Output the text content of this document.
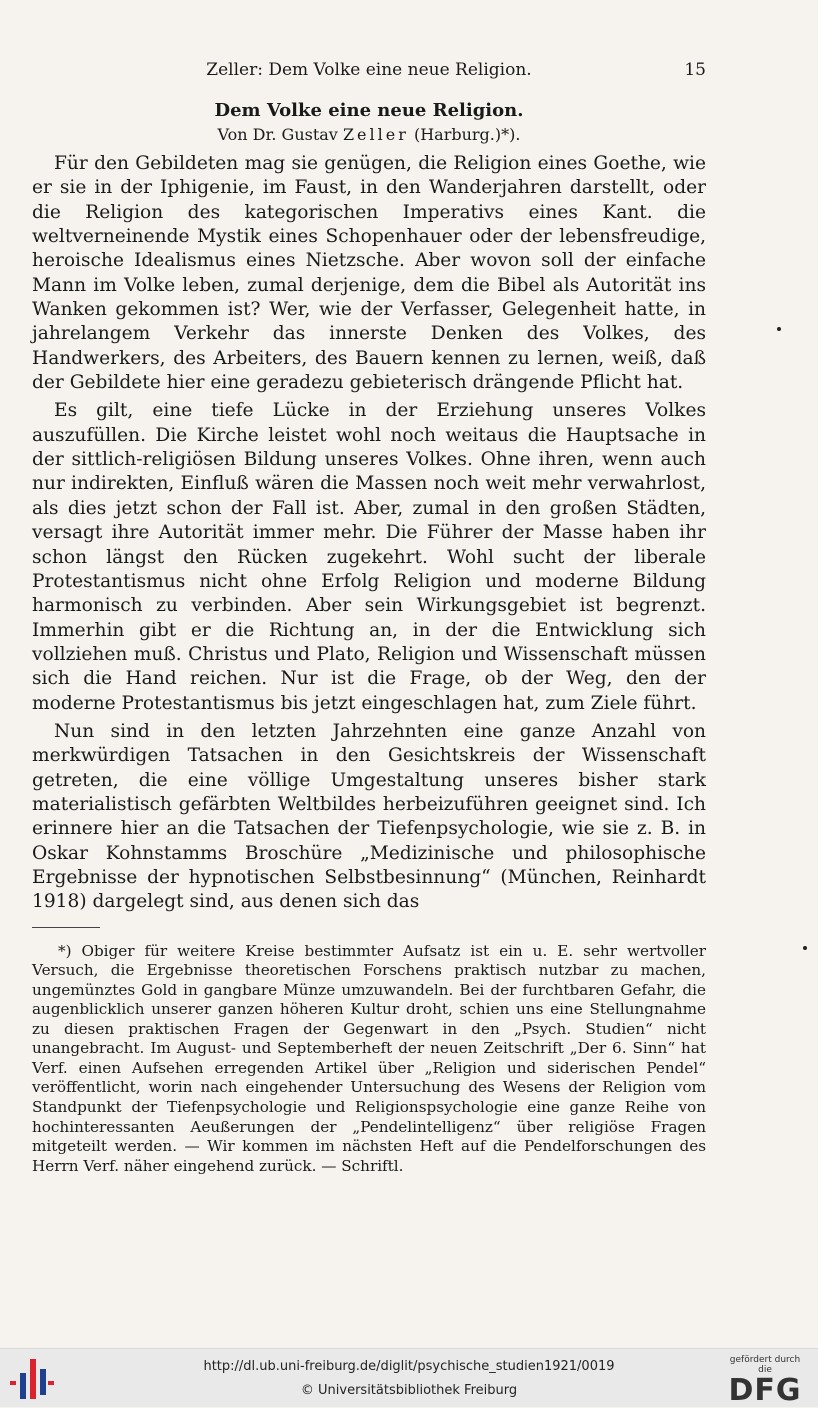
Zeller: Dem Volke eine neue Religion.	15
Dem Volke eine neue Religion.
Von Dr. Gustav Zeller (Harburg.)*).

Für den Gebildeten mag sie genügen, die Religion eines Goethe, wie er sie in der Iphigenie, im Faust, in den Wanderjahren darstellt, oder die Religion des kategorischen Imperativs eines Kant. die weltverneinende Mystik eines Schopenhauer oder der lebensfreudige, heroische Idealismus eines Nietzsche. Aber wovon soll der einfache Mann im Volke leben, zumal derjenige, dem die Bibel als Autorität ins Wanken gekommen ist? Wer, wie der Verfasser, Gelegenheit hatte, in jahrelangem Verkehr das innerste Denken des Volkes, des Handwerkers, des Arbeiters, des Bauern kennen zu lernen, weiß, daß der Gebildete hier eine geradezu gebieterisch drängende Pflicht hat.

Es gilt, eine tiefe Lücke in der Erziehung unseres Volkes auszufüllen. Die Kirche leistet wohl noch weitaus die Hauptsache in der sittlich-religiösen Bildung unseres Volkes. Ohne ihren, wenn auch nur indirekten, Einfluß wären die Massen noch weit mehr verwahrlost, als dies jetzt schon der Fall ist. Aber, zumal in den großen Städten, versagt ihre Autorität immer mehr. Die Führer der Masse haben ihr schon längst den Rücken zugekehrt. Wohl sucht der liberale Protestantismus nicht ohne Erfolg Religion und moderne Bildung harmonisch zu verbinden. Aber sein Wirkungsgebiet ist begrenzt. Immerhin gibt er die Richtung an, in der die Entwicklung sich vollziehen muß. Christus und Plato, Religion und Wissenschaft müssen sich die Hand reichen. Nur ist die Frage, ob der Weg, den der moderne Protestantismus bis jetzt eingeschlagen hat, zum Ziele führt.

Nun sind in den letzten Jahrzehnten eine ganze Anzahl von merkwürdigen Tatsachen in den Gesichtskreis der Wissenschaft getreten, die eine völlige Umgestaltung unseres bisher stark materialistisch gefärbten Weltbildes herbeizuführen geeignet sind. Ich erinnere hier an die Tatsachen der Tiefenpsychologie, wie sie z. B. in Oskar Kohnstamms Broschüre „Medizinische und philosophische Ergebnisse der hypnotischen Selbstbesinnung“ (München, Reinhardt 1918) dargelegt sind, aus denen sich das

*) Obiger für weitere Kreise bestimmter Aufsatz ist ein u. E. sehr wertvoller Versuch, die Ergebnisse theoretischen Forschens praktisch nutzbar zu machen, ungemünztes Gold in gangbare Münze umzuwandeln. Bei der furchtbaren Gefahr, die augenblicklich unserer ganzen höheren Kultur droht, schien uns eine Stellungnahme zu diesen praktischen Fragen der Gegenwart in den „Psych. Studien“ nicht unangebracht. Im August- und Septemberheft der neuen Zeitschrift „Der 6. Sinn“ hat Verf. einen Aufsehen erregenden Artikel über „Religion und siderischen Pendel“ veröffentlicht, worin nach eingehender Untersuchung des Wesens der Religion vom Standpunkt der Tiefenpsychologie und Religionspsychologie eine ganze Reihe von hochinteressanten Aeußerungen der „Pendelintelligenz“ über religiöse Fragen mitgeteilt werden. — Wir kommen im nächsten Heft auf die Pendelforschungen des Herrn Verf. näher eingehend zurück. — Schriftl.

http://dl.ub.uni-freiburg.de/diglit/psychische_studien1921/0019
© Universitätsbibliothek Freiburg
gefördert durch die
DFG
